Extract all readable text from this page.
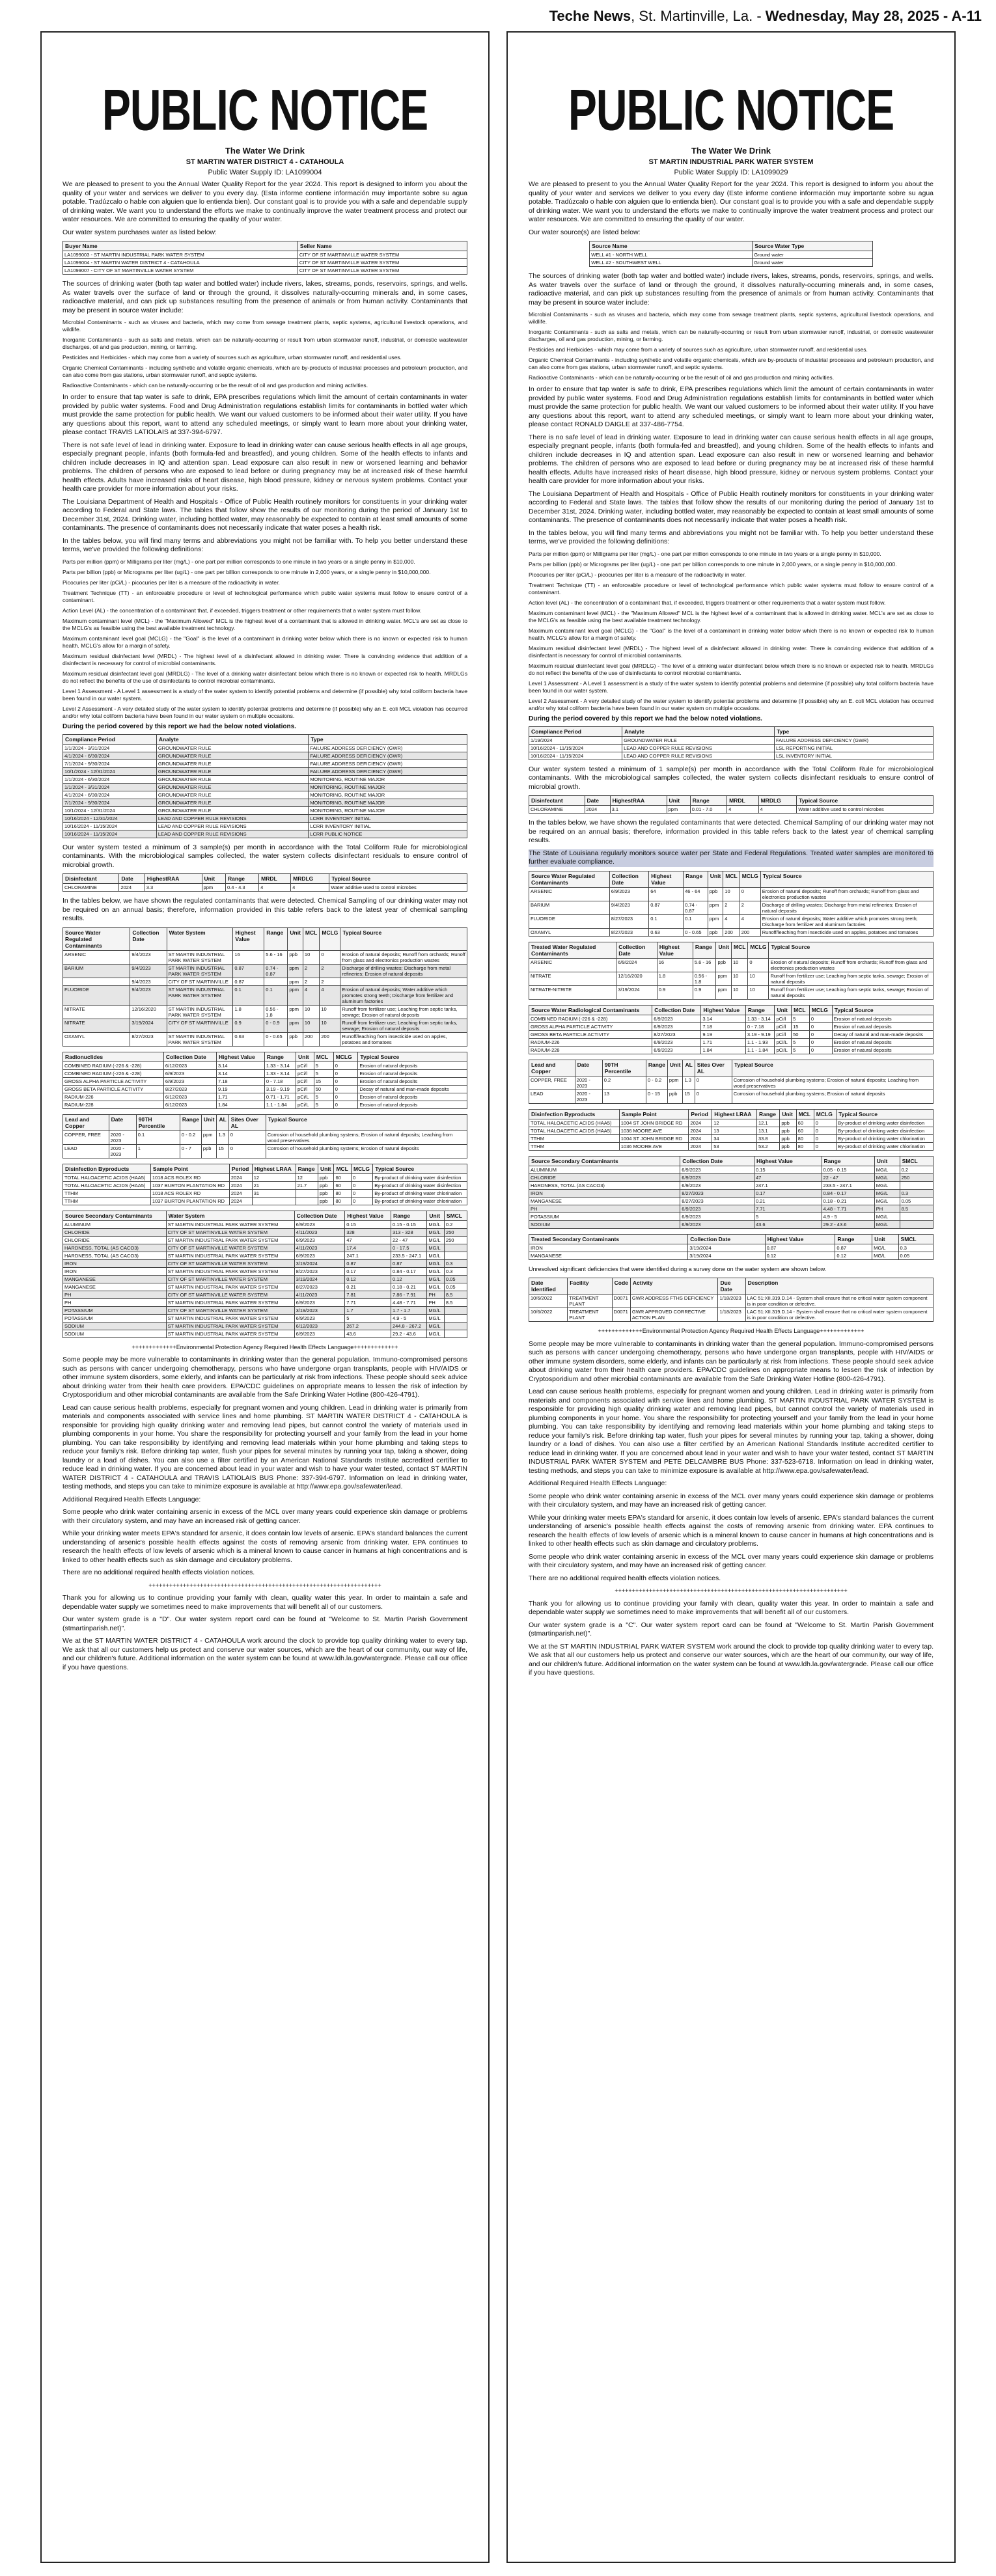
Teche News, St. Martinville, La. - Wednesday, May 28, 2025 - A-11
PUBLIC NOTICE
The Water We Drink
ST MARTIN WATER DISTRICT 4 - CATAHOULA
Public Water Supply ID: LA1099004

We are pleased to present to you the Annual Water Quality Report for the year 2024. This report is designed to inform you about the quality of your water and services we deliver to you every day. (Esta informe contiene información muy importante sobre su agua potable. Tradúzcalo o hable con alguien que lo entienda bien). Our constant goal is to provide you with a safe and dependable supply of drinking water. We want you to understand the efforts we make to continually improve the water treatment process and protect our water resources. We are committed to ensuring the quality of your water.

Our water system purchases water as listed below:

Buyer Name	Seller Name
LA1099003 - ST MARTIN INDUSTRIAL PARK WATER SYSTEM	CITY OF ST MARTINVILLE WATER SYSTEM
LA1099004 - ST MARTIN WATER DISTRICT 4 - CATAHOULA	CITY OF ST MARTINVILLE WATER SYSTEM
LA1099007 - CITY OF ST MARTINVILLE WATER SYSTEM	CITY OF ST MARTINVILLE WATER SYSTEM

The sources of drinking water (both tap water and bottled water) include rivers, lakes, streams, ponds, reservoirs, springs, and wells. As water travels over the surface of land or through the ground, it dissolves naturally-occurring minerals and, in some cases, radioactive material, and can pick up substances resulting from the presence of animals or from human activity. Contaminants that may be present in source water include:

Microbial Contaminants - such as viruses and bacteria, which may come from sewage treatment plants, septic systems, agricultural livestock operations, and wildlife.

Inorganic Contaminants - such as salts and metals, which can be naturally-occurring or result from urban stormwater runoff, industrial, or domestic wastewater discharges, oil and gas production, mining, or farming.

Pesticides and Herbicides - which may come from a variety of sources such as agriculture, urban stormwater runoff, and residential uses.

Organic Chemical Contaminants - including synthetic and volatile organic chemicals, which are by-products of industrial processes and petroleum production, and can also come from gas stations, urban stormwater runoff, and septic systems.

Radioactive Contaminants - which can be naturally-occurring or be the result of oil and gas production and mining activities.

In order to ensure that tap water is safe to drink, EPA prescribes regulations which limit the amount of certain contaminants in water provided by public water systems. Food and Drug Administration regulations establish limits for contaminants in bottled water which must provide the same protection for public health. We want our valued customers to be informed about their water utility. If you have any questions about this report, want to attend any scheduled meetings, or simply want to learn more about your drinking water, please contact TRAVIS LATIOLAIS at 337-394-6797.

There is not safe level of lead in drinking water. Exposure to lead in drinking water can cause serious health effects in all age groups, especially pregnant people, infants (both formula-fed and breastfed), and young children. Some of the health effects to infants and children include decreases in IQ and attention span. Lead exposure can also result in new or worsened learning and behavior problems. The children of persons who are exposed to lead before or during pregnancy may be at increased risk of these harmful health effects. Adults have increased risks of heart disease, high blood pressure, kidney or nervous system problems. Contact your health care provider for more information about your risks.

The Louisiana Department of Health and Hospitals - Office of Public Health routinely monitors for constituents in your drinking water according to Federal and State laws. The tables that follow show the results of our monitoring during the period of January 1st to December 31st, 2024. Drinking water, including bottled water, may reasonably be expected to contain at least small amounts of some contaminants. The presence of contaminants does not necessarily indicate that water poses a health risk.

In the tables below, you will find many terms and abbreviations you might not be familiar with. To help you better understand these terms, we've provided the following definitions:

Parts per million (ppm) or Milligrams per liter (mg/L) - one part per million corresponds to one minute in two years or a single penny in $10,000.

Parts per billion (ppb) or Micrograms per liter (ug/L) - one part per billion corresponds to one minute in 2,000 years, or a single penny in $10,000,000.

Picocuries per liter (pCi/L) - picocuries per liter is a measure of the radioactivity in water.

Treatment Technique (TT) - an enforceable procedure or level of technological performance which public water systems must follow to ensure control of a contaminant.

Action Level (AL) - the concentration of a contaminant that, if exceeded, triggers treatment or other requirements that a water system must follow.

Maximum contaminant level (MCL) - the "Maximum Allowed" MCL is the highest level of a contaminant that is allowed in drinking water. MCL's are set as close to the MCLG's as feasible using the best available treatment technology.

Maximum contaminant level goal (MCLG) - the "Goal" is the level of a contaminant in drinking water below which there is no known or expected risk to human health. MCLG's allow for a margin of safety.

Maximum residual disinfectant level (MRDL) - The highest level of a disinfectant allowed in drinking water. There is convincing evidence that addition of a disinfectant is necessary for control of microbial contaminants.

Maximum residual disinfectant level goal (MRDLG) - The level of a drinking water disinfectant below which there is no known or expected risk to health. MRDLGs do not reflect the benefits of the use of disinfectants to control microbial contaminants.

Level 1 Assessment - A Level 1 assessment is a study of the water system to identify potential problems and determine (if possible) why total coliform bacteria have been found in our water system.

Level 2 Assessment - A very detailed study of the water system to identify potential problems and determine (if possible) why an E. coli MCL violation has occurred and/or why total coliform bacteria have been found in our water system on multiple occasions.

During the period covered by this report we had the below noted violations.
Compliance Period	Analyte	Type
1/1/2024 - 3/31/2024	GROUNDWATER RULE	FAILURE ADDRESS DEFICIENCY (GWR)
4/1/2024 - 6/30/2024	GROUNDWATER RULE	FAILURE ADDRESS DEFICIENCY (GWR)
7/1/2024 - 9/30/2024	GROUNDWATER RULE	FAILURE ADDRESS DEFICIENCY (GWR)
10/1/2024 - 12/31/2024	GROUNDWATER RULE	FAILURE ADDRESS DEFICIENCY (GWR)
1/1/2024 - 6/30/2024	GROUNDWATER RULE	MONITORING, ROUTINE MAJOR
1/1/2024 - 3/31/2024	GROUNDWATER RULE	MONITORING, ROUTINE MAJOR
4/1/2024 - 6/30/2024	GROUNDWATER RULE	MONITORING, ROUTINE MAJOR
7/1/2024 - 9/30/2024	GROUNDWATER RULE	MONITORING, ROUTINE MAJOR
10/1/2024 - 12/31/2024	GROUNDWATER RULE	MONITORING, ROUTINE MAJOR
10/16/2024 - 12/31/2024	LEAD AND COPPER RULE REVISIONS	LCRR INVENTORY INITIAL
10/16/2024 - 11/15/2024	LEAD AND COPPER RULE REVISIONS	LCRR INVENTORY INITIAL
10/16/2024 - 11/15/2024	LEAD AND COPPER RULE REVISIONS	LCRR PUBLIC NOTICE

Our water system tested a minimum of 3 sample(s) per month in accordance with the Total Coliform Rule for microbiological contaminants. With the microbiological samples collected, the water system collects disinfectant residuals to ensure control of microbial growth.

Disinfectant	Date	HighestRAA	Unit	Range	MRDL	MRDLG	Typical Source
CHLORAMINE	2024	3.3	ppm	0.4 - 4.3	4	4	Water additive used to control microbes

In the tables below, we have shown the regulated contaminants that were detected. Chemical Sampling of our drinking water may not be required on an annual basis; therefore, information provided in this table refers back to the latest year of chemical sampling results.

Source Water Regulated Contaminants	Collection Date	Water System	Highest Value	Range	Unit	MCL	MCLG	Typical Source
ARSENIC	9/4/2023	ST MARTIN INDUSTRIAL PARK WATER SYSTEM	16	5.6 - 16	ppb	10	0	Erosion of natural deposits; Runoff from orchards; Runoff from glass and electronics production wastes
BARIUM	9/4/2023	ST MARTIN INDUSTRIAL PARK WATER SYSTEM	0.87	0.74 - 0.87	ppm	2	2	Discharge of drilling wastes; Discharge from metal refineries; Erosion of natural deposits
	9/4/2023	CITY OF ST MARTINVILLE	0.87		ppm	2	2	
FLUORIDE	9/4/2023	ST MARTIN INDUSTRIAL PARK WATER SYSTEM	0.1	0.1	ppm	4	4	Erosion of natural deposits; Water additive which promotes strong teeth; Discharge from fertilizer and aluminum factories
NITRATE	12/16/2020	ST MARTIN INDUSTRIAL PARK WATER SYSTEM	1.8	0.56 - 1.8	ppm	10	10	Runoff from fertilizer use; Leaching from septic tanks, sewage; Erosion of natural deposits
NITRATE	3/19/2024	CITY OF ST MARTINVILLE	0.9	0 - 0.9	ppm	10	10	Runoff from fertilizer use; Leaching from septic tanks, sewage; Erosion of natural deposits
OXAMYL	8/27/2023	ST MARTIN INDUSTRIAL PARK WATER SYSTEM	0.63	0 - 0.65	ppb	200	200	Runoff/leaching from insecticide used on apples, potatoes and tomatoes
Radionuclides	Collection Date	Highest Value	Range	Unit	MCL	MCLG	Typical Source
COMBINED RADIUM (-226 & -228)	6/12/2023	3.14	1.33 - 3.14	pCi/l	5	0	Erosion of natural deposits
COMBINED RADIUM (-226 & -228)	6/9/2023	3.14	1.33 - 3.14	pCi/l	5	0	Erosion of natural deposits
GROSS ALPHA PARTICLE ACTIVITY	6/9/2023	7.18	0 - 7.18	pCi/l	15	0	Erosion of natural deposits
GROSS BETA PARTICLE ACTIVITY	8/27/2023	9.19	3.19 - 9.19	pCi/l	50	0	Decay of natural and man-made deposits
RADIUM-226	6/12/2023	1.71	0.71 - 1.71	pCi/L	5	0	Erosion of natural deposits
RADIUM-228	6/12/2023	1.84	1.1 - 1.84	pCi/L	5	0	Erosion of natural deposits
Lead and Copper	Date	90TH Percentile	Range	Unit	AL	Sites Over AL	Typical Source
COPPER, FREE	2020 - 2023	0.1	0 - 0.2	ppm	1.3	0	Corrosion of household plumbing systems; Erosion of natural deposits; Leaching from wood preservatives
LEAD	2020 - 2023	1	0 - 7	ppb	15	0	Corrosion of household plumbing systems; Erosion of natural deposits
Disinfection Byproducts	Sample Point	Period	Highest LRAA	Range	Unit	MCL	MCLG	Typical Source
TOTAL HALOACETIC ACIDS (HAA5)	1018 ACS ROLEX RD	2024	12	12	ppb	60	0	By-product of drinking water disinfection
TOTAL HALOACETIC ACIDS (HAA5)	1037 BURTON PLANTATION RD	2024	21	21.7	ppb	60	0	By-product of drinking water disinfection
TTHM	1018 ACS ROLEX RD	2024	31		ppb	80	0	By-product of drinking water chlorination
TTHM	1037 BURTON PLANTATION RD	2024			ppb	80	0	By-product of drinking water chlorination
Source Secondary Contaminants	Water System	Collection Date	Highest Value	Range	Unit	SMCL
ALUMINUM	ST MARTIN INDUSTRIAL PARK WATER SYSTEM	6/9/2023	0.15	0.15 - 0.15	MG/L	0.2
CHLORIDE	CITY OF ST MARTINVILLE WATER SYSTEM	4/11/2023	328	313 - 328	MG/L	250
CHLORIDE	ST MARTIN INDUSTRIAL PARK WATER SYSTEM	6/9/2023	47	22 - 47	MG/L	250
HARDNESS, TOTAL (AS CACO3)	CITY OF ST MARTINVILLE WATER SYSTEM	4/11/2023	17.4	0 - 17.5	MG/L	
HARDNESS, TOTAL (AS CACO3)	ST MARTIN INDUSTRIAL PARK WATER SYSTEM	6/9/2023	247.1	233.5 - 247.1	MG/L	
IRON	CITY OF ST MARTINVILLE WATER SYSTEM	3/19/2024	0.87	0.87	MG/L	0.3
IRON	ST MARTIN INDUSTRIAL PARK WATER SYSTEM	8/27/2023	0.17	0.84 - 0.17	MG/L	0.3
MANGANESE	CITY OF ST MARTINVILLE WATER SYSTEM	3/19/2024	0.12	0.12	MG/L	0.05
MANGANESE	ST MARTIN INDUSTRIAL PARK WATER SYSTEM	8/27/2023	0.21	0.18 - 0.21	MG/L	0.05
PH	CITY OF ST MARTINVILLE WATER SYSTEM	4/11/2023	7.81	7.86 - 7.91	PH	8.5
PH	ST MARTIN INDUSTRIAL PARK WATER SYSTEM	6/9/2023	7.71	4.48 - 7.71	PH	8.5
POTASSIUM	CITY OF ST MARTINVILLE WATER SYSTEM	3/19/2023	1.7	1.7 - 1.7	MG/L	
POTASSIUM	ST MARTIN INDUSTRIAL PARK WATER SYSTEM	6/9/2023	5	4.9 - 5	MG/L	
SODIUM	ST MARTIN INDUSTRIAL PARK WATER SYSTEM	6/12/2023	267.2	244.8 - 267.2	MG/L	
SODIUM	ST MARTIN INDUSTRIAL PARK WATER SYSTEM	6/9/2023	43.6	29.2 - 43.6	MG/L	

+++++++++++++Environmental Protection Agency Required Health Effects Language+++++++++++++

Some people may be more vulnerable to contaminants in drinking water than the general population. Immuno-compromised persons such as persons with cancer undergoing chemotherapy, persons who have undergone organ transplants, people with HIV/AIDS or other immune system disorders, some elderly, and infants can be particularly at risk from infections. These people should seek advice about drinking water from their health care providers. EPA/CDC guidelines on appropriate means to lessen the risk of infection by Cryptosporidium and other microbial contaminants are available from the Safe Drinking Water Hotline (800-426-4791).

Lead can cause serious health problems, especially for pregnant women and young children. Lead in drinking water is primarily from materials and components associated with service lines and home plumbing. ST MARTIN WATER DISTRICT 4 - CATAHOULA is responsible for providing high quality drinking water and removing lead pipes, but cannot control the variety of materials used in plumbing components in your home. You share the responsibility for protecting yourself and your family from the lead in your home plumbing. You can take responsibility by identifying and removing lead materials within your home plumbing and taking steps to reduce your family's risk. Before drinking tap water, flush your pipes for several minutes by running your tap, taking a shower, doing laundry or a load of dishes. You can also use a filter certified by an American National Standards Institute accredited certifier to reduce lead in drinking water. If you are concerned about lead in your water and wish to have your water tested, contact ST MARTIN WATER DISTRICT 4 - CATAHOULA and TRAVIS LATIOLAIS BUS Phone: 337-394-6797. Information on lead in drinking water, testing methods, and steps you can take to minimize exposure is available at http://www.epa.gov/safewater/lead.

Additional Required Health Effects Language:

Some people who drink water containing arsenic in excess of the MCL over many years could experience skin damage or problems with their circulatory system, and may have an increased risk of getting cancer.

While your drinking water meets EPA's standard for arsenic, it does contain low levels of arsenic. EPA's standard balances the current understanding of arsenic's possible health effects against the costs of removing arsenic from drinking water. EPA continues to research the health effects of low levels of arsenic which is a mineral known to cause cancer in humans at high concentrations and is linked to other health effects such as skin damage and circulatory problems.

There are no additional required health effects violation notices.

++++++++++++++++++++++++++++++++++++++++++++++++++++++++++++++++++++

Thank you for allowing us to continue providing your family with clean, quality water this year. In order to maintain a safe and dependable water supply we sometimes need to make improvements that will benefit all of our customers.

Our water system grade is a "D". Our water system report card can be found at "Welcome to St. Martin Parish Government (stmartinparish.net)".

We at the ST MARTIN WATER DISTRICT 4 - CATAHOULA work around the clock to provide top quality drinking water to every tap. We ask that all our customers help us protect and conserve our water sources, which are the heart of our community, our way of life, and our children's future. Additional information on the water system can be found at www.ldh.la.gov/watergrade. Please call our office if you have questions.

PUBLIC NOTICE
The Water We Drink
ST MARTIN INDUSTRIAL PARK WATER SYSTEM
Public Water Supply ID: LA1099029

We are pleased to present to you the Annual Water Quality Report for the year 2024. This report is designed to inform you about the quality of your water and services we deliver to you every day (Este informe contiene información muy importante sobre su agua potable. Tradúzcalo o hable con alguien que lo entienda bien). Our constant goal is to provide you with a safe and dependable supply of drinking water. We want you to understand the efforts we make to continually improve the water treatment process and protect our water resources. We are committed to ensuring the quality of our water.

Our water source(s) are listed below:

Source Name	Source Water Type
WELL #1 - NORTH WELL	Ground water
WELL #2 - SOUTHWEST WELL	Ground water

The sources of drinking water (both tap water and bottled water) include rivers, lakes, streams, ponds, reservoirs, springs, and wells. As water travels over the surface of land or through the ground, it dissolves naturally-occurring minerals and, in some cases, radioactive material, and can pick up substances resulting from the presence of animals or from human activity. Contaminants that may be present in source water include:

Microbial Contaminants - such as viruses and bacteria, which may come from sewage treatment plants, septic systems, agricultural livestock operations, and wildlife.

Inorganic Contaminants - such as salts and metals, which can be naturally-occurring or result from urban stormwater runoff, industrial, or domestic wastewater discharges, oil and gas production, mining, or farming.

Pesticides and Herbicides - which may come from a variety of sources such as agriculture, urban stormwater runoff, and residential uses.

Organic Chemical Contaminants - including synthetic and volatile organic chemicals, which are by-products of industrial processes and petroleum production, and can also come from gas stations, urban stormwater runoff, and septic systems.

Radioactive Contaminants - which can be naturally-occurring or be the result of oil and gas production and mining activities.

In order to ensure that tap water is safe to drink, EPA prescribes regulations which limit the amount of certain contaminants in water provided by public water systems. Food and Drug Administration regulations establish limits for contaminants in bottled water which must provide the same protection for public health. We want our valued customers to be informed about their water utility. If you have any questions about this report, want to attend any scheduled meetings, or simply want to learn more about your drinking water, please contact RONALD DAIGLE at 337-486-7754.

There is no safe level of lead in drinking water. Exposure to lead in drinking water can cause serious health effects in all age groups, especially pregnant people, infants (both formula-fed and breastfed), and young children. Some of the health effects to infants and children include decreases in IQ and attention span. Lead exposure can also result in new or worsened learning and behavior problems. The children of persons who are exposed to lead before or during pregnancy may be at increased risk of these harmful health effects. Adults have increased risks of heart disease, high blood pressure, kidney or nervous system problems. Contact your health care provider for more information about your risks.

The Louisiana Department of Health and Hospitals - Office of Public Health routinely monitors for constituents in your drinking water according to Federal and State laws. The tables that follow show the results of our monitoring during the period of January 1st to December 31st, 2024. Drinking water, including bottled water, may reasonably be expected to contain at least small amounts of some contaminants. The presence of contaminants does not necessarily indicate that water poses a health risk.

In the tables below, you will find many terms and abbreviations you might not be familiar with. To help you better understand these terms, we've provided the following definitions:

Parts per million (ppm) or Milligrams per liter (mg/L) - one part per million corresponds to one minute in two years or a single penny in $10,000.

Parts per billion (ppb) or Micrograms per liter (ug/L) - one part per billion corresponds to one minute in 2,000 years, or a single penny in $10,000,000.

Picocuries per liter (pCi/L) - picocuries per liter is a measure of the radioactivity in water.

Treatment Technique (TT) - an enforceable procedure or level of technological performance which public water systems must follow to ensure control of a contaminant.

Action level (AL) - the concentration of a contaminant that, if exceeded, triggers treatment or other requirements that a water system must follow.

Maximum contaminant level (MCL) - the "Maximum Allowed" MCL is the highest level of a contaminant that is allowed in drinking water. MCL's are set as close to the MCLG's as feasible using the best available treatment technology.

Maximum contaminant level goal (MCLG) - the "Goal" is the level of a contaminant in drinking water below which there is no known or expected risk to human health. MCLG's allow for a margin of safety.

Maximum residual disinfectant level (MRDL) - The highest level of a disinfectant allowed in drinking water. There is convincing evidence that addition of a disinfectant is necessary for control of microbial contaminants.

Maximum residual disinfectant level goal (MRDLG) - The level of a drinking water disinfectant below which there is no known or expected risk to health. MRDLGs do not reflect the benefits of the use of disinfectants to control microbial contaminants.

Level 1 Assessment - A Level 1 assessment is a study of the water system to identify potential problems and determine (if possible) why total coliform bacteria have been found in our water system.

Level 2 Assessment - A very detailed study of the water system to identify potential problems and determine (if possible) why an E. coli MCL violation has occurred and/or why total coliform bacteria have been found in our water system on multiple occasions.

During the period covered by this report we had the below noted violations.
Compliance Period	Analyte	Type
1/19/2024	GROUNDWATER RULE	FAILURE ADDRESS DEFICIENCY (GWR)
10/16/2024 - 11/15/2024	LEAD AND COPPER RULE REVISIONS	LSL REPORTING INITIAL
10/16/2024 - 11/15/2024	LEAD AND COPPER RULE REVISIONS	LSL INVENTORY INITIAL

Our water system tested a minimum of 1 sample(s) per month in accordance with the Total Coliform Rule for microbiological contaminants. With the microbiological samples collected, the water system collects disinfectant residuals to ensure control of microbial growth.

Disinfectant	Date	HighestRAA	Unit	Range	MRDL	MRDLG	Typical Source
CHLORAMINE	2024	3.1	ppm	0.01 - 7.0	4	4	Water additive used to control microbes

In the tables below, we have shown the regulated contaminants that were detected. Chemical Sampling of our drinking water may not be required on an annual basis; therefore, information provided in this table refers back to the latest year of chemical sampling results.

The State of Louisiana regularly monitors source water per State and Federal Regulations. Treated water samples are monitored to further evaluate compliance.

Source Water Regulated Contaminants	Collection Date	Highest Value	Range	Unit	MCL	MCLG	Typical Source
ARSENIC	6/9/2023	64	46 - 64	ppb	10	0	Erosion of natural deposits; Runoff from orchards; Runoff from glass and electronics production wastes
BARIUM	9/4/2023	0.87	0.74 - 0.87	ppm	2	2	Discharge of drilling wastes; Discharge from metal refineries; Erosion of natural deposits
FLUORIDE	8/27/2023	0.1	0.1	ppm	4	4	Erosion of natural deposits; Water additive which promotes strong teeth; Discharge from fertilizer and aluminum factories
OXAMYL	8/27/2023	0.63	0 - 0.65	ppb	200	200	Runoff/leaching from insecticide used on apples, potatoes and tomatoes
Treated Water Regulated Contaminants	Collection Date	Highest Value	Range	Unit	MCL	MCLG	Typical Source
ARSENIC	6/9/2024	16	5.6 - 16	ppb	10	0	Erosion of natural deposits; Runoff from orchards; Runoff from glass and electronics production wastes
NITRATE	12/16/2020	1.8	0.56 - 1.8	ppm	10	10	Runoff from fertilizer use; Leaching from septic tanks, sewage; Erosion of natural deposits
NITRATE-NITRITE	3/19/2024	0.9	0.9	ppm	10	10	Runoff from fertilizer use; Leaching from septic tanks, sewage; Erosion of natural deposits
Source Water Radiological Contaminants	Collection Date	Highest Value	Range	Unit	MCL	MCLG	Typical Source
COMBINED RADIUM (-226 & -228)	6/9/2023	3.14	1.33 - 3.14	pCi/l	5	0	Erosion of natural deposits
GROSS ALPHA PARTICLE ACTIVITY	6/9/2023	7.18	0 - 7.18	pCi/l	15	0	Erosion of natural deposits
GROSS BETA PARTICLE ACTIVITY	8/27/2023	9.19	3.19 - 9.19	pCi/l	50	0	Decay of natural and man-made deposits
RADIUM-226	6/9/2023	1.71	1.1 - 1.93	pCi/L	5	0	Erosion of natural deposits
RADIUM-228	6/9/2023	1.84	1.1 - 1.84	pCi/L	5	0	Erosion of natural deposits
Lead and Copper	Date	90TH Percentile	Range	Unit	AL	Sites Over AL	Typical Source
COPPER, FREE	2020 - 2023	0.2	0 - 0.2	ppm	1.3	0	Corrosion of household plumbing systems; Erosion of natural deposits; Leaching from wood preservatives
LEAD	2020 - 2023	13	0 - 15	ppb	15	0	Corrosion of household plumbing systems; Erosion of natural deposits
Disinfection Byproducts	Sample Point	Period	Highest LRAA	Range	Unit	MCL	MCLG	Typical Source
TOTAL HALOACETIC ACIDS (HAA5)	1004 ST JOHN BRIDGE RD	2024	12	12.1	ppb	60	0	By-product of drinking water disinfection
TOTAL HALOACETIC ACIDS (HAA5)	1036 MOORE AVE	2024	13	13.1	ppb	60	0	By-product of drinking water disinfection
TTHM	1004 ST JOHN BRIDGE RD	2024	34	33.8	ppb	80	0	By-product of drinking water chlorination
TTHM	1036 MOORE AVE	2024	53	53.2	ppb	80	0	By-product of drinking water chlorination
Source Secondary Contaminants	Collection Date	Highest Value	Range	Unit	SMCL
ALUMINUM	6/9/2023	0.15	0.05 - 0.15	MG/L	0.2
CHLORIDE	6/9/2023	47	22 - 47	MG/L	250
HARDNESS, TOTAL (AS CACO3)	6/9/2023	247.1	233.5 - 247.1	MG/L	
IRON	8/27/2023	0.17	0.84 - 0.17	MG/L	0.3
MANGANESE	8/27/2023	0.21	0.18 - 0.21	MG/L	0.05
PH	6/9/2023	7.71	4.48 - 7.71	PH	8.5
POTASSIUM	6/9/2023	5	4.9 - 5	MG/L	
SODIUM	6/9/2023	43.6	29.2 - 43.6	MG/L	
Treated Secondary Contaminants	Collection Date	Highest Value	Range	Unit	SMCL
IRON	3/19/2024	0.87	0.87	MG/L	0.3
MANGANESE	3/19/2024	0.12	0.12	MG/L	0.05

Unresolved significant deficiencies that were identified during a survey done on the water system are shown below.

Date Identified	Facility	Code	Activity	Due Date	Description
10/6/2022	TREATMENT PLANT	D0071	GWR ADDRESS FTHS DEFICIENCY	1/18/2023	LAC 51:XII.319.D.14 - System shall ensure that no critical water system component is in poor condition or defective.
10/6/2022	TREATMENT PLANT	D0071	GWR APPROVED CORRECTIVE ACTION PLAN	1/18/2023	LAC 51:XII.319.D.14 - System shall ensure that no critical water system component is in poor condition or defective.

+++++++++++++Environmental Protection Agency Required Health Effects Language+++++++++++++

Some people may be more vulnerable to contaminants in drinking water than the general population. Immuno-compromised persons such as persons with cancer undergoing chemotherapy, persons who have undergone organ transplants, people with HIV/AIDS or other immune system disorders, some elderly, and infants can be particularly at risk from infections. These people should seek advice about drinking water from their health care providers. EPA/CDC guidelines on appropriate means to lessen the risk of infection by Cryptosporidium and other microbial contaminants are available from the Safe Drinking Water Hotline (800-426-4791).

Lead can cause serious health problems, especially for pregnant women and young children. Lead in drinking water is primarily from materials and components associated with service lines and home plumbing. ST MARTIN INDUSTRIAL PARK WATER SYSTEM is responsible for providing high quality drinking water and removing lead pipes, but cannot control the variety of materials used in plumbing components in your home. You share the responsibility for protecting yourself and your family from the lead in your home plumbing. You can take responsibility by identifying and removing lead materials within your home plumbing and taking steps to reduce your family's risk. Before drinking tap water, flush your pipes for several minutes by running your tap, taking a shower, doing laundry or a load of dishes. You can also use a filter certified by an American National Standards Institute accredited certifier to reduce lead in drinking water. If you are concerned about lead in your water and wish to have your water tested, contact ST MARTIN INDUSTRIAL PARK WATER SYSTEM and PETE DELCAMBRE BUS Phone: 337-523-6718. Information on lead in drinking water, testing methods, and steps you can take to minimize exposure is available at http://www.epa.gov/safewater/lead.

Additional Required Health Effects Language:

Some people who drink water containing arsenic in excess of the MCL over many years could experience skin damage or problems with their circulatory system, and may have an increased risk of getting cancer.

While your drinking water meets EPA's standard for arsenic, it does contain low levels of arsenic. EPA's standard balances the current understanding of arsenic's possible health effects against the costs of removing arsenic from drinking water. EPA continues to research the health effects of low levels of arsenic which is a mineral known to cause cancer in humans at high concentrations and is linked to other health effects such as skin damage and circulatory problems.

Some people who drink water containing arsenic in excess of the MCL over many years could experience skin damage or problems with their circulatory system, and may have an increased risk of getting cancer.

There are no additional required health effects violation notices.

++++++++++++++++++++++++++++++++++++++++++++++++++++++++++++++++++++

Thank you for allowing us to continue providing your family with clean, quality water this year. In order to maintain a safe and dependable water supply we sometimes need to make improvements that will benefit all of our customers.

Our water system grade is a "C". Our water system report card can be found at "Welcome to St. Martin Parish Government (stmartinparish.net)".

We at the ST MARTIN INDUSTRIAL PARK WATER SYSTEM work around the clock to provide top quality drinking water to every tap. We ask that all our customers help us protect and conserve our water sources, which are the heart of our community, our way of life, and our children's future. Additional information on the water system can be found at www.ldh.la.gov/watergrade. Please call our office if you have questions.
